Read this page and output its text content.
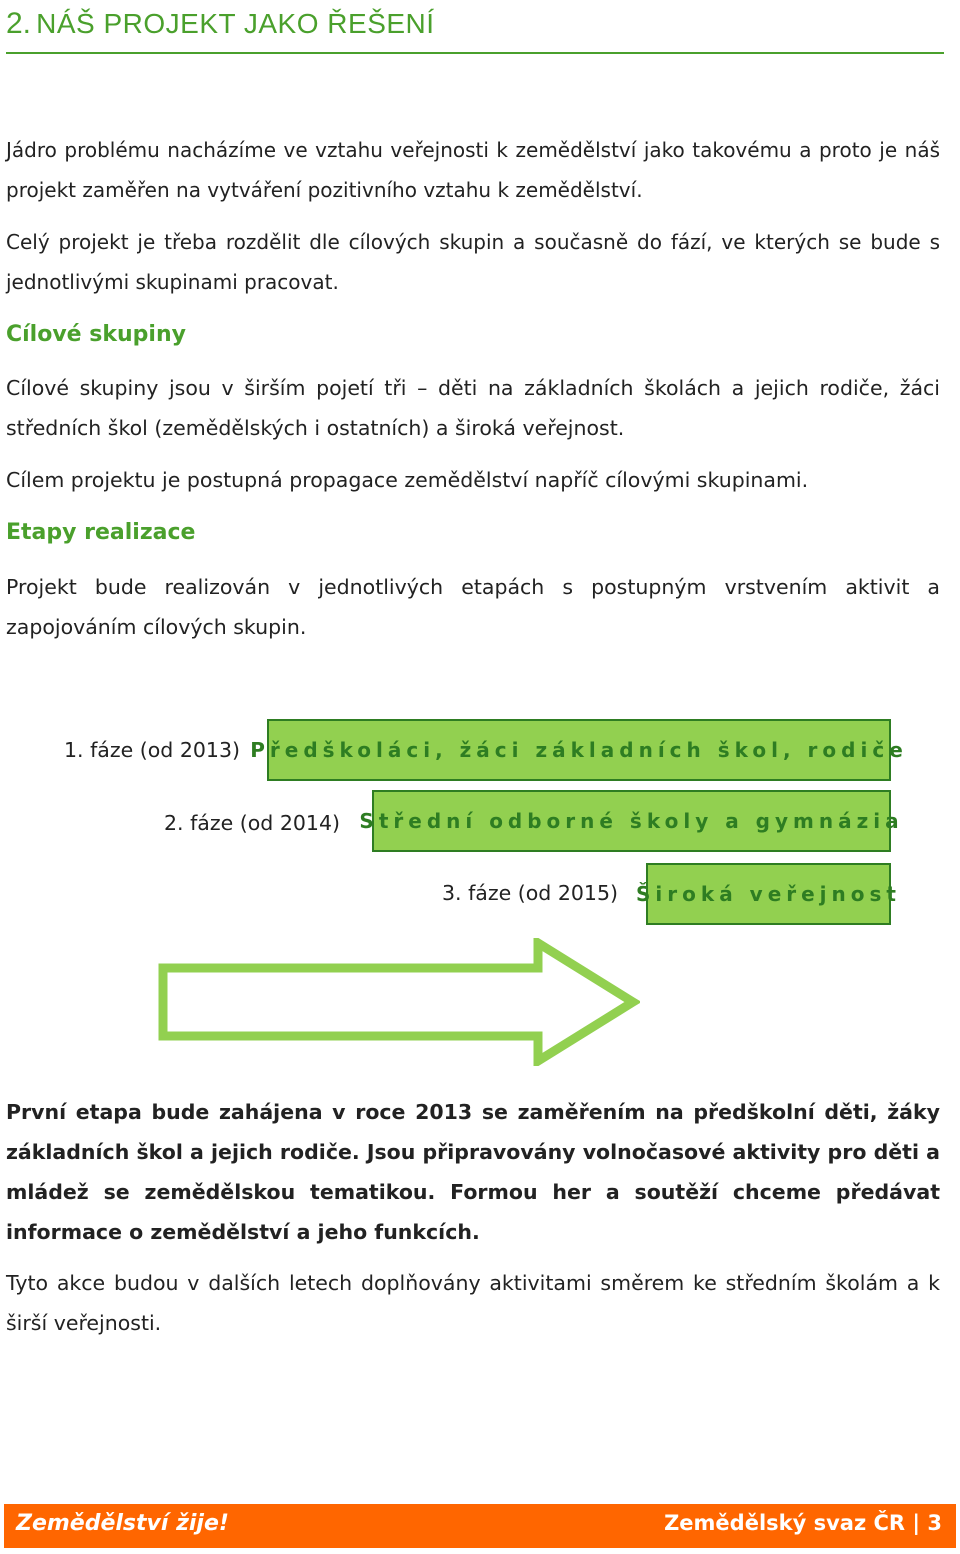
2. NÁŠ PROJEKT JAKO ŘEŠENÍ
Jádro problému nacházíme ve vztahu veřejnosti k zemědělství jako takovému a proto je náš projekt zaměřen na vytváření pozitivního vztahu k zemědělství.
Celý projekt je třeba rozdělit dle cílových skupin a současně do fází, ve kterých se bude s jednotlivými skupinami pracovat.
Cílové skupiny
Cílové skupiny jsou v širším pojetí tři – děti na základních školách a jejich rodiče, žáci středních škol (zemědělských i ostatních) a široká veřejnost.
Cílem projektu je postupná propagace zemědělství napříč cílovými skupinami.
Etapy realizace
Projekt bude realizován v jednotlivých etapách s postupným vrstvením aktivit a
zapojováním cílových skupin.
1. fáze (od 2013) Předškoláci, žáci základních škol, rodiče
2. fáze (od 2014) Střední odborné školy a gymnázia
3. fáze (od 2015) Široká veřejnost
První etapa bude zahájena v roce 2013 se zaměřením na předškolní děti, žáky základních škol a jejich rodiče. Jsou připravovány volnočasové aktivity pro děti a mládež se zemědělskou tematikou. Formou her a soutěží chceme předávat informace o zemědělství a jeho funkcích.
Tyto akce budou v dalších letech doplňovány aktivitami směrem ke středním školám a k širší veřejnosti.
Zemědělství žije!	Zemědělský svaz ČR | 3
